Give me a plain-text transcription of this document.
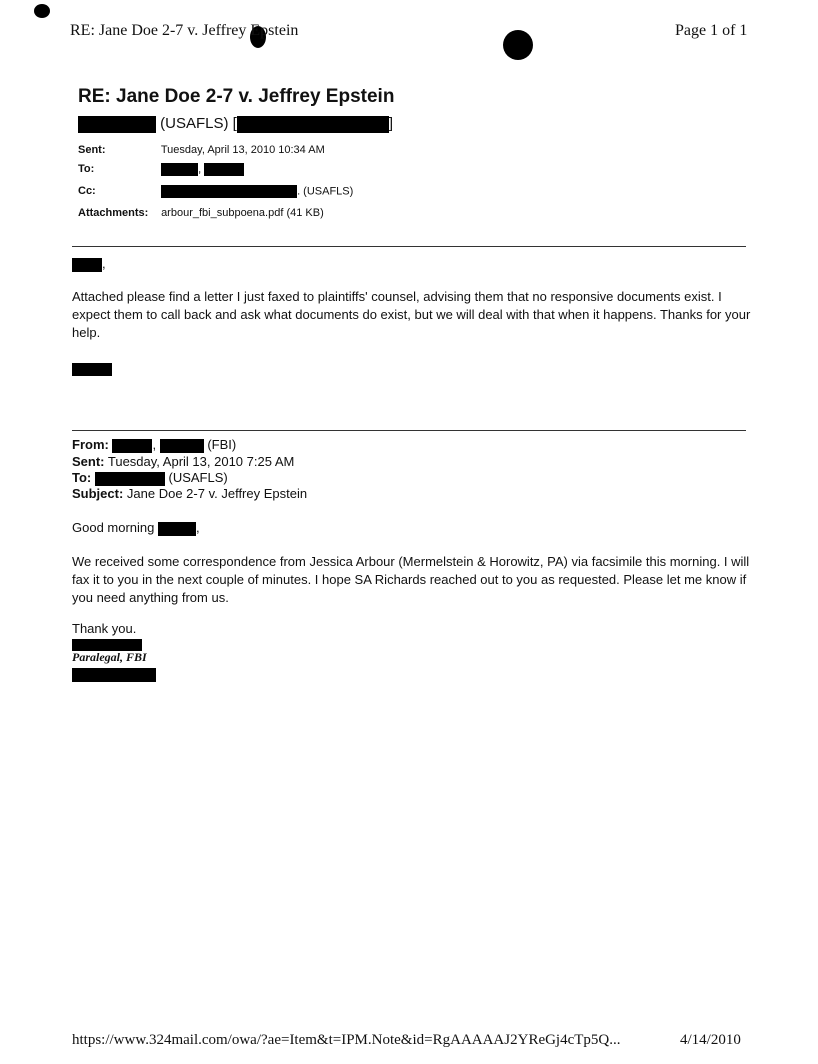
RE: Jane Doe 2-7 v. Jeffrey Epstein	Page 1 of 1
RE: Jane Doe 2-7 v. Jeffrey Epstein
(USAFLS) [	]
Sent:	Tuesday, April 13, 2010 10:34 AM
To:	,
Cc:	. (USAFLS)
Attachments: arbour_fbi_subpoena.pdf (41 KB)
,
Attached please find a letter I just faxed to plaintiffs' counsel, advising them that no responsive documents exist. I expect them to call back and ask what documents do exist, but we will deal with that when it happens. Thanks for your help.
From:	,	(FBI)
Sent: Tuesday, April 13, 2010 7:25 AM
To:	(USAFLS)
Subject: Jane Doe 2-7 v. Jeffrey Epstein
Good morning	,
We received some correspondence from Jessica Arbour (Mermelstein & Horowitz, PA) via facsimile this morning. I will fax it to you in the next couple of minutes. I hope SA Richards reached out to you as requested. Please let me know if you need anything from us.
Thank you.
Paralegal, FBI
https://www.324mail.com/owa/?ae=Item&t=IPM.Note&id=RgAAAAAJ2YReGj4cTp5Q...	4/14/2010
